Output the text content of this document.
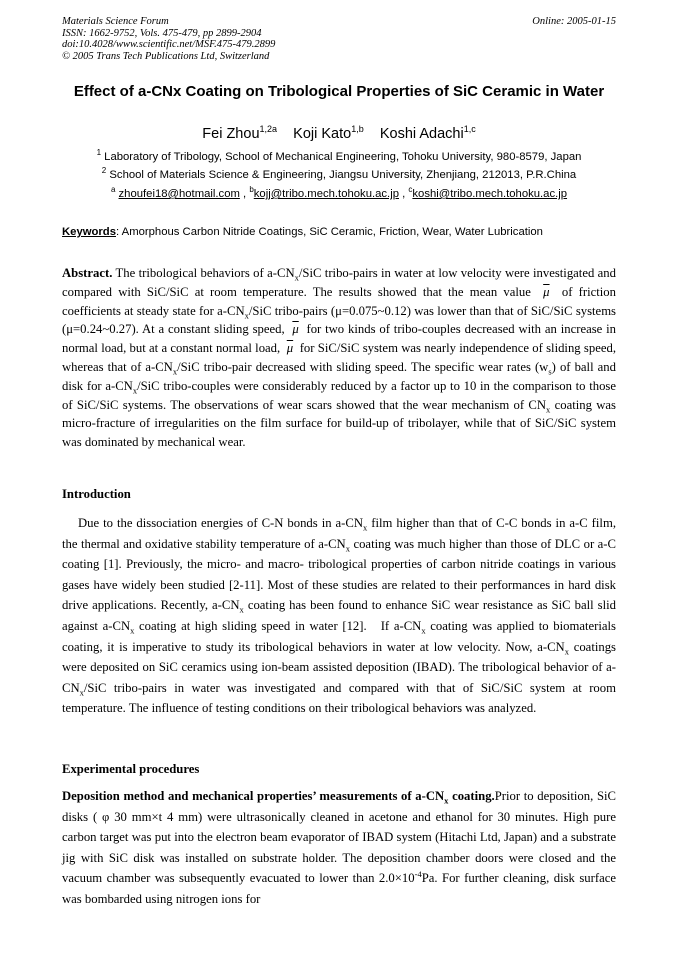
Materials Science Forum
ISSN: 1662-9752, Vols. 475-479, pp 2899-2904
doi:10.4028/www.scientific.net/MSF.475-479.2899
© 2005 Trans Tech Publications Ltd, Switzerland
Online: 2005-01-15
Effect of a-CNx Coating on Tribological Properties of SiC Ceramic in Water
Fei Zhou$^{1,2a}$ Koji Kato$^{1,b}$ Koshi Adachi$^{1,c}$
$^1$ Laboratory of Tribology, School of Mechanical Engineering, Tohoku University, 980-8579, Japan
$^2$ School of Materials Science & Engineering, Jiangsu University, Zhenjiang, 212013, P.R.China
$^a$ zhoufei18@hotmail.com , $^b$kojj@tribo.mech.tohoku.ac.jp , $^c$koshi@tribo.mech.tohoku.ac.jp
Keywords: Amorphous Carbon Nitride Coatings, SiC Ceramic, Friction, Wear, Water Lubrication
Abstract. The tribological behaviors of $a-CN_x$/SiC tribo-pairs in water at low velocity were investigated and compared with SiC/SiC at room temperature. The results showed that the mean value  $\overline{\mu}$  of friction coefficients at steady state for $a-CN_x$/SiC tribo-pairs (μ=0.075~0.12) was lower than that of SiC/SiC systems (μ=0.24~0.27). At a constant sliding speed,  $\overline{\mu}$  for two kinds of tribo-couples decreased with an increase in normal load, but at a constant normal load,  $\overline{\mu}$  for SiC/SiC system was nearly independence of sliding speed, whereas that of $a-CN_x$/SiC tribo-pair decreased with sliding speed. The specific wear rates $(w_s)$ of ball and disk for $a-CN_x$/SiC tribo-couples were considerably reduced by a factor up to 10 in the comparison to those of SiC/SiC systems. The observations of wear scars showed that the wear mechanism of $CN_x$ coating was micro-fracture of irregularities on the film surface for build-up of tribolayer, while that of SiC/SiC system was dominated by mechanical wear.
Introduction
Due to the dissociation energies of C-N bonds in $a-CN_x$ film higher than that of C-C bonds in a-C film, the thermal and oxidative stability temperature of $a-CN_x$ coating was much higher than those of DLC or a-C coating [1]. Previously, the micro- and macro- tribological properties of carbon nitride coatings in various gases have widely been studied [2-11]. Most of these studies are related to their performances in hard disk drive applications. Recently, $a-CN_x$ coating has been found to enhance SiC wear resistance as SiC ball slid against $a-CN_x$ coating at high sliding speed in water [12].   If $a-CN_x$ coating was applied to biomaterials coating, it is imperative to study its tribological behaviors in water at low velocity. Now, $a-CN_x$ coatings were deposited on SiC ceramics using ion-beam assisted deposition (IBAD). The tribological behavior of $a-CN_x$/SiC tribo-pairs in water was investigated and compared with that of SiC/SiC system at room temperature. The influence of testing conditions on their tribological behaviors was analyzed.
Experimental procedures
Deposition method and mechanical properties’ measurements of $a-CN_x$ coating.Prior to deposition, SiC disks ( φ 30 mm×t 4 mm) were ultrasonically cleaned in acetone and ethanol for 30 minutes. High pure carbon target was put into the electron beam evaporator of IBAD system (Hitachi Ltd, Japan) and a substrate jig with SiC disk was installed on substrate holder. The deposition chamber doors were closed and the vacuum chamber was subsequently evacuated to lower than $2.0\times 10^{-4}Pa$. For further cleaning, disk surface was bombarded using nitrogen ions for
